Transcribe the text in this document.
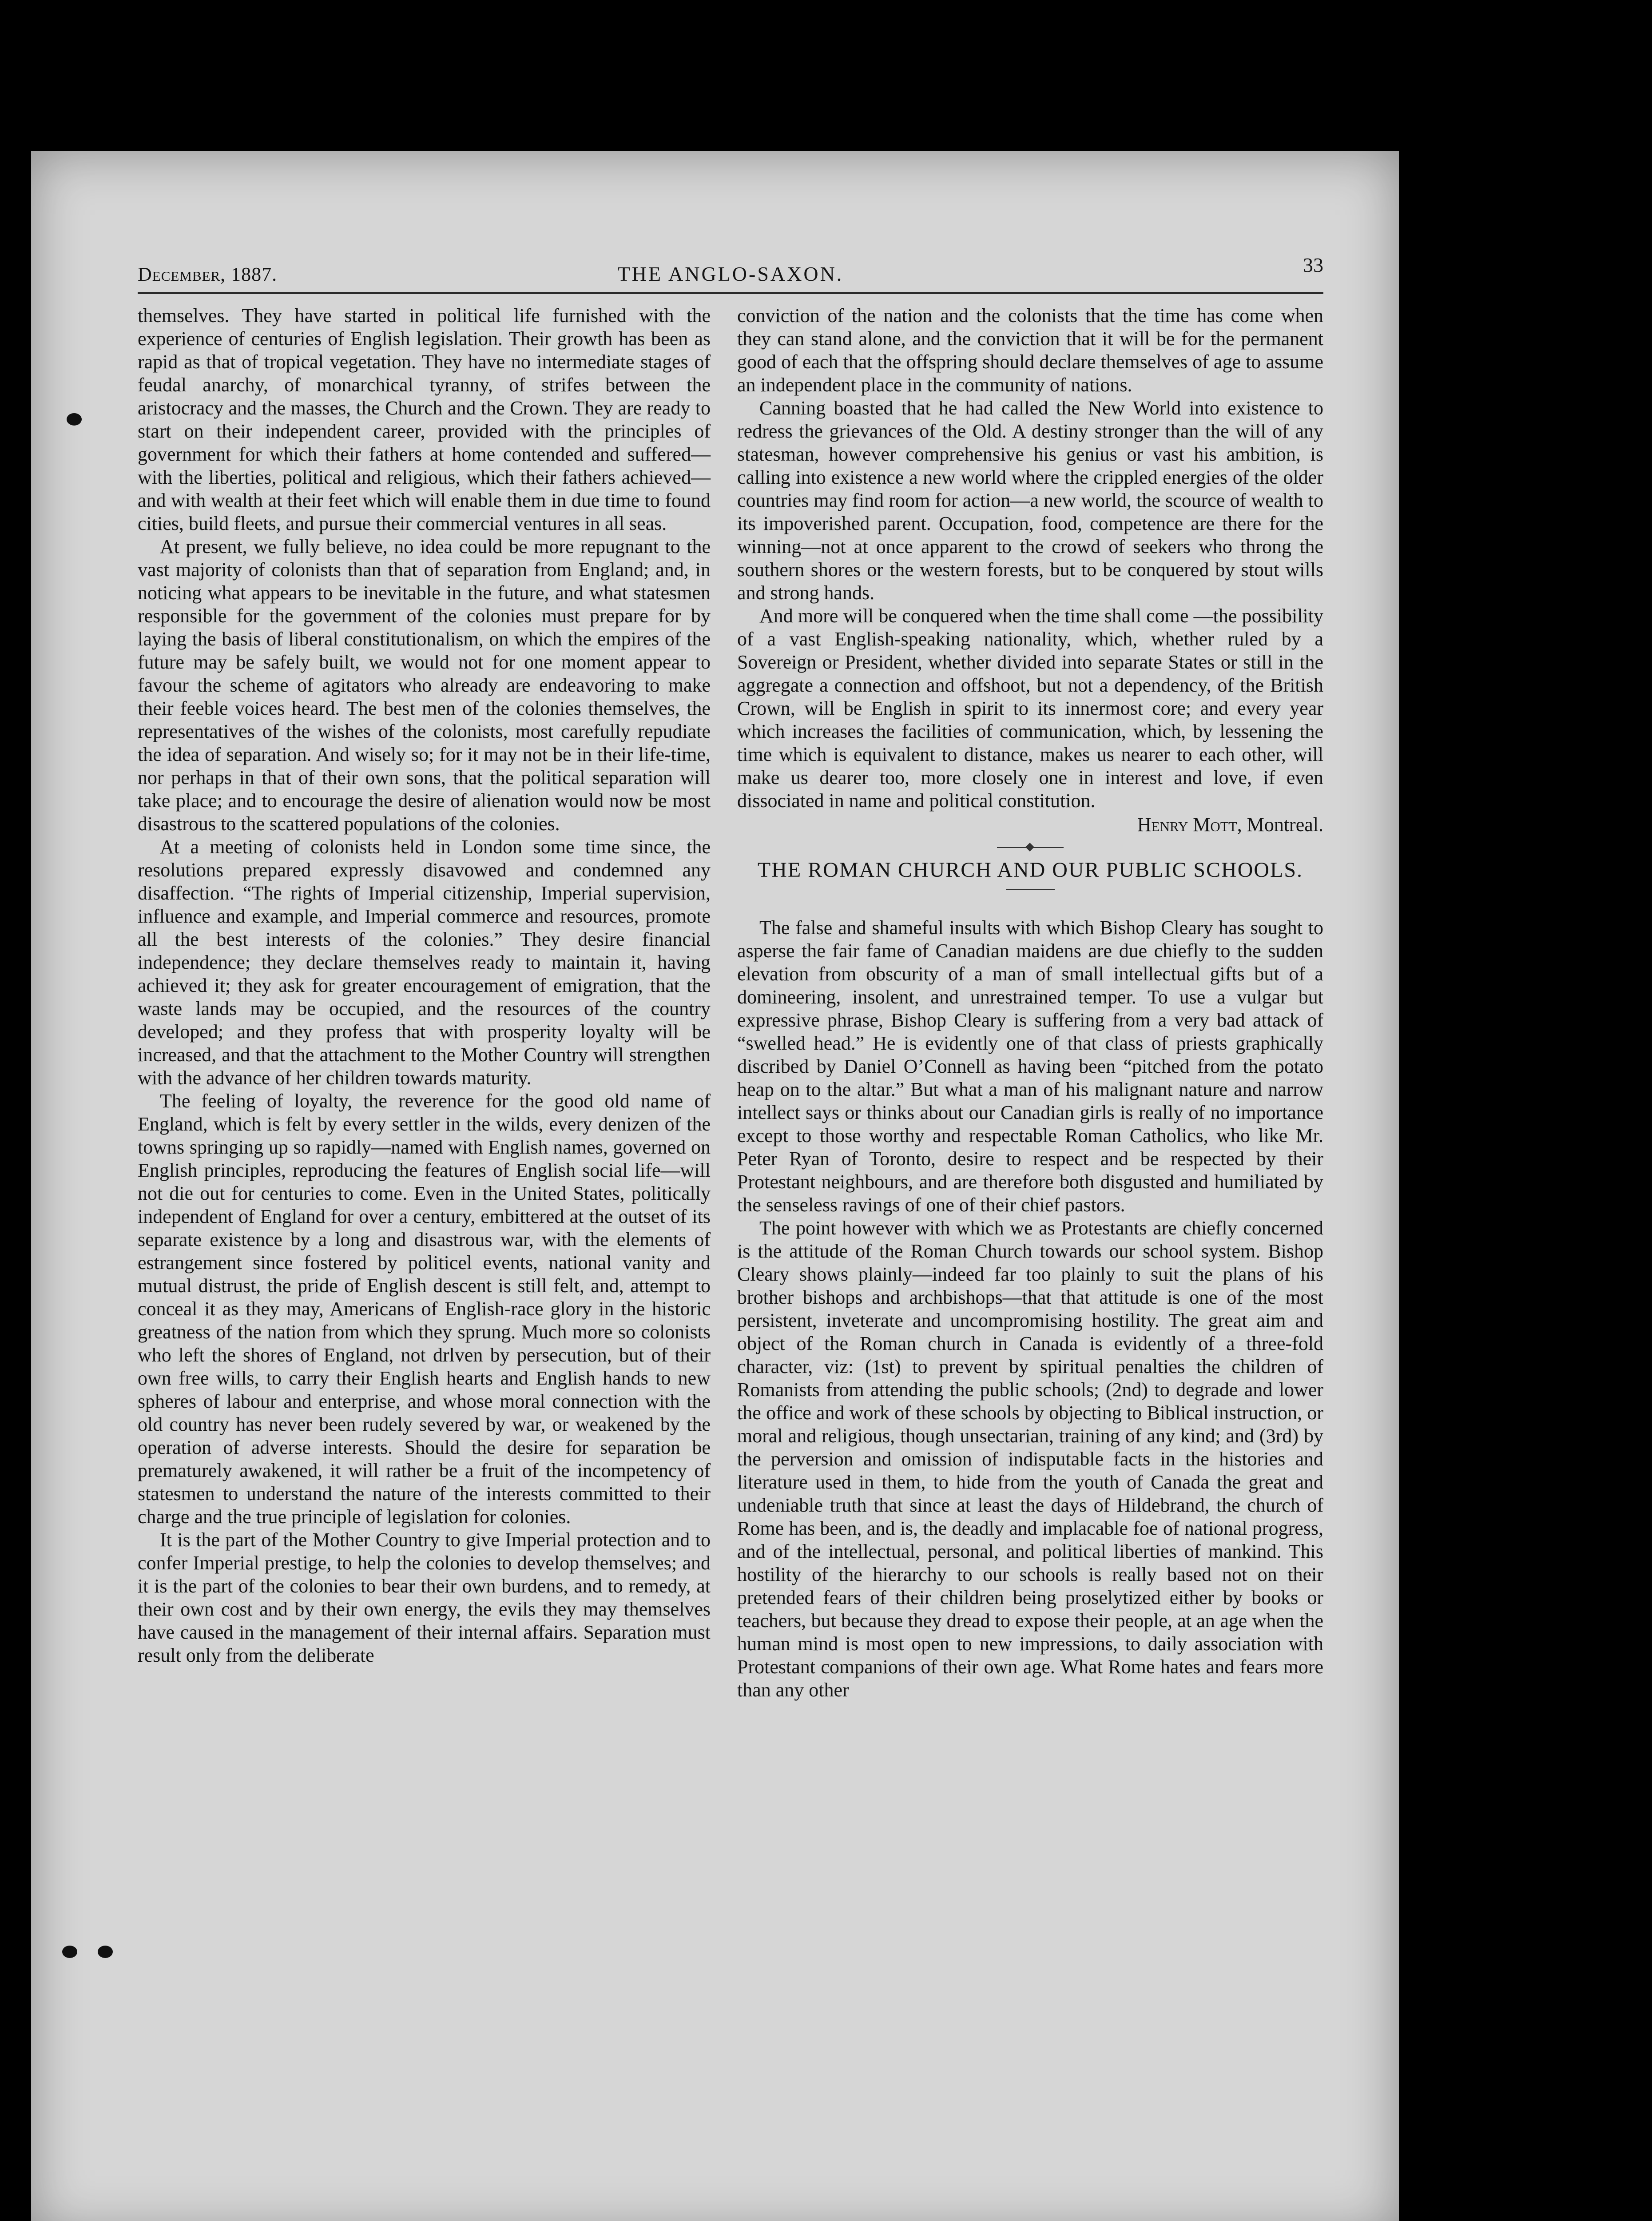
December, 1887.	THE ANGLO-SAXON.	33

themselves. They have started in political life furnished with the experience of centuries of English legislation. Their growth has been as rapid as that of tropical vegetation. They have no intermediate stages of feudal anarchy, of monarchical tyranny, of strifes between the aristocracy and the masses, the Church and the Crown. They are ready to start on their independent career, provided with the principles of government for which their fathers at home contended and suffered—with the liberties, political and religious, which their fathers achieved—and with wealth at their feet which will enable them in due time to found cities, build fleets, and pursue their commercial ventures in all seas.

At present, we fully believe, no idea could be more repugnant to the vast majority of colonists than that of separation from England; and, in noticing what appears to be inevitable in the future, and what statesmen responsible for the government of the colonies must prepare for by laying the basis of liberal constitutionalism, on which the empires of the future may be safely built, we would not for one moment appear to favour the scheme of agitators who already are endeavoring to make their feeble voices heard. The best men of the colonies themselves, the representatives of the wishes of the colonists, most carefully repudiate the idea of separation. And wisely so; for it may not be in their life-time, nor perhaps in that of their own sons, that the political separation will take place; and to encourage the desire of alienation would now be most disastrous to the scattered populations of the colonies.

At a meeting of colonists held in London some time since, the resolutions prepared expressly disavowed and condemned any disaffection. “The rights of Imperial citizenship, Imperial supervision, influence and example, and Imperial commerce and resources, promote all the best interests of the colonies.” They desire financial independence; they declare themselves ready to maintain it, having achieved it; they ask for greater encouragement of emigration, that the waste lands may be occupied, and the resources of the country developed; and they profess that with prosperity loyalty will be increased, and that the attachment to the Mother Country will strengthen with the advance of her children towards maturity.

The feeling of loyalty, the reverence for the good old name of England, which is felt by every settler in the wilds, every denizen of the towns springing up so rapidly—named with English names, governed on English principles, reproducing the features of English social life—will not die out for centuries to come. Even in the United States, politically independent of England for over a century, embittered at the outset of its separate existence by a long and disastrous war, with the elements of estrangement since fostered by politicel events, national vanity and mutual distrust, the pride of English descent is still felt, and, attempt to conceal it as they may, Americans of English-race glory in the historic greatness of the nation from which they sprung. Much more so colonists who left the shores of England, not drlven by persecution, but of their own free wills, to carry their English hearts and English hands to new spheres of labour and enterprise, and whose moral connection with the old country has never been rudely severed by war, or weakened by the operation of adverse interests. Should the desire for separation be prematurely awakened, it will rather be a fruit of the incompetency of statesmen to understand the nature of the interests committed to their charge and the true principle of legislation for colonies.

It is the part of the Mother Country to give Imperial protection and to confer Imperial prestige, to help the colonies to develop themselves; and it is the part of the colonies to bear their own burdens, and to remedy, at their own cost and by their own energy, the evils they may themselves have caused in the management of their internal affairs. Separation must result only from the deliberate

conviction of the nation and the colonists that the time has come when they can stand alone, and the conviction that it will be for the permanent good of each that the offspring should declare themselves of age to assume an independent place in the community of nations.

Canning boasted that he had called the New World into existence to redress the grievances of the Old. A destiny stronger than the will of any statesman, however comprehensive his genius or vast his ambition, is calling into existence a new world where the crippled energies of the older countries may find room for action—a new world, the scource of wealth to its impoverished parent. Occupation, food, competence are there for the winning—not at once apparent to the crowd of seekers who throng the southern shores or the western forests, but to be conquered by stout wills and strong hands.

And more will be conquered when the time shall come —the possibility of a vast English-speaking nationality, which, whether ruled by a Sovereign or President, whether divided into separate States or still in the aggregate a connection and offshoot, but not a dependency, of the British Crown, will be English in spirit to its innermost core; and every year which increases the facilities of communication, which, by lessening the time which is equivalent to distance, makes us nearer to each other, will make us dearer too, more closely one in interest and love, if even dissociated in name and political constitution.

Henry Mott, Montreal.

THE ROMAN CHURCH AND OUR PUBLIC SCHOOLS.

The false and shameful insults with which Bishop Cleary has sought to asperse the fair fame of Canadian maidens are due chiefly to the sudden elevation from obscurity of a man of small intellectual gifts but of a domineering, insolent, and unrestrained temper. To use a vulgar but expressive phrase, Bishop Cleary is suffering from a very bad attack of “swelled head.” He is evidently one of that class of priests graphically discribed by Daniel O’Connell as having been “pitched from the potato heap on to the altar.” But what a man of his malignant nature and narrow intellect says or thinks about our Canadian girls is really of no importance except to those worthy and respectable Roman Catholics, who like Mr. Peter Ryan of Toronto, desire to respect and be respected by their Protestant neighbours, and are therefore both disgusted and humiliated by the senseless ravings of one of their chief pastors.

The point however with which we as Protestants are chiefly concerned is the attitude of the Roman Church towards our school system. Bishop Cleary shows plainly—indeed far too plainly to suit the plans of his brother bishops and archbishops—that that attitude is one of the most persistent, inveterate and uncompromising hostility. The great aim and object of the Roman church in Canada is evidently of a three-fold character, viz: (1st) to prevent by spiritual penalties the children of Romanists from attending the public schools; (2nd) to degrade and lower the office and work of these schools by objecting to Biblical instruction, or moral and religious, though unsectarian, training of any kind; and (3rd) by the perversion and omission of indisputable facts in the histories and literature used in them, to hide from the youth of Canada the great and undeniable truth that since at least the days of Hildebrand, the church of Rome has been, and is, the deadly and implacable foe of national progress, and of the intellectual, personal, and political liberties of mankind. This hostility of the hierarchy to our schools is really based not on their pretended fears of their children being proselytized either by books or teachers, but because they dread to expose their people, at an age when the human mind is most open to new impressions, to daily association with Protestant companions of their own age. What Rome hates and fears more than any other
